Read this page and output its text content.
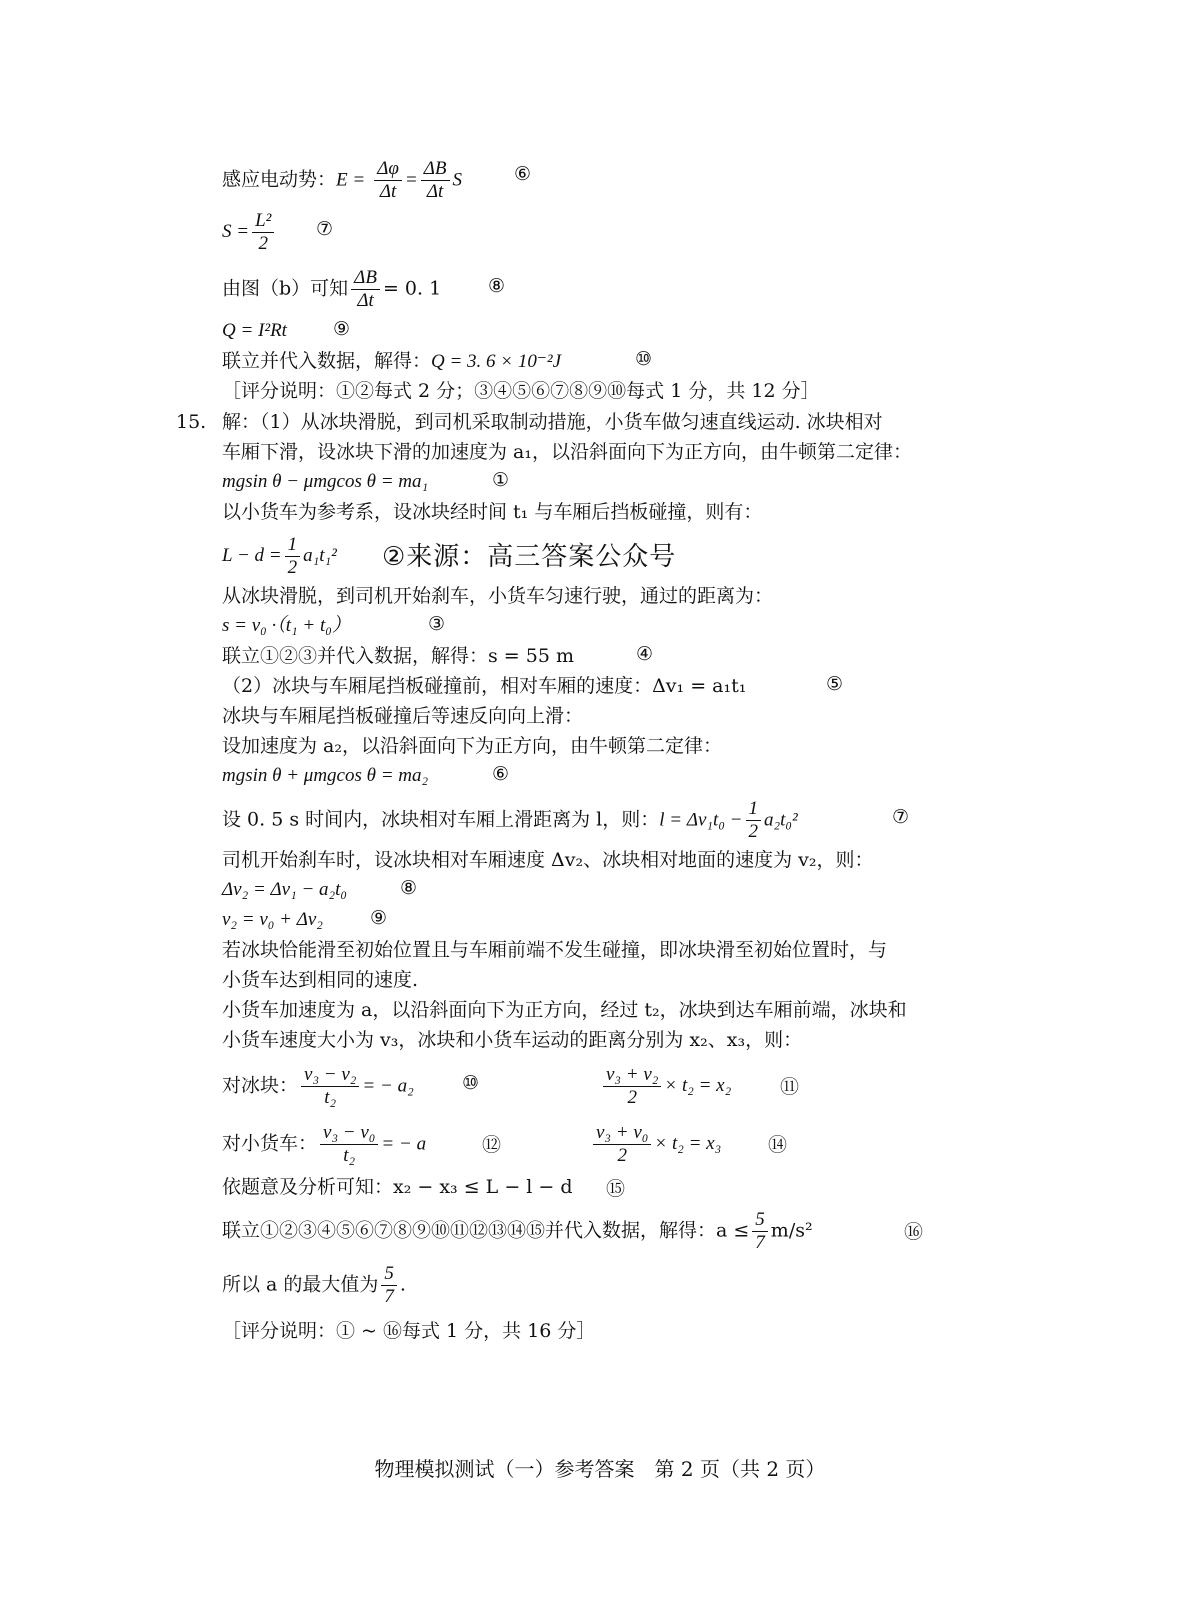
感应电动势：$E = \frac{\Delta\varphi}{\Delta t} = \frac{\Delta B}{\Delta t}$ S	⑥
$S = \frac{\text{L²}}{2}$ ⑦
由图（b）可知 $\frac{\Delta B}{\Delta t} = 0$. 1 ⑧
Q = I²Rt ⑨
联立并代入数据，解得：Q = 3. 6 × 10⁻²J	⑩
［评分说明：①②每式 2 分；③④⑤⑥⑦⑧⑨⑩每式 1 分，共 12 分］
15. 解：（1）从冰块滑脱，到司机采取制动措施，小货车做匀速直线运动. 冰块相对
车厢下滑，设冰块下滑的加速度为 a₁，以沿斜面向下为正方向，由牛顿第二定律：
mgsin θ − μmgcos θ = ma₁	①
以小货车为参考系，设冰块经时间 t₁ 与车厢后挡板碰撞，则有：
$L - d = \frac{1}{2} a_1t_1^2$ ②来源：高三答案公众号
从冰块滑脱，到司机开始刹车，小货车匀速行驶，通过的距离为：
s = v₀ ·（t₁ + t₀）	③
联立①②③并代入数据，解得：s = 55 m	④
（2）冰块与车厢尾挡板碰撞前，相对车厢的速度：Δv₁ = a₁t₁	⑤
冰块与车厢尾挡板碰撞后等速反向向上滑：
设加速度为 a₂，以沿斜面向下为正方向，由牛顿第二定律：
mgsin θ + μmgcos θ = ma₂	⑥
设 0. 5 s 时间内，冰块相对车厢上滑距离为 l，则：$l = \Delta v_1t_0 - \frac{1}{2} a_2t_0^2$	⑦
司机开始刹车时，设冰块相对车厢速度 Δv₂、冰块相对地面的速度为 v₂，则：
Δv₂ = Δv₁ − a₂t₀	⑧
v₂ = v₀ + Δv₂ ⑨
若冰块恰能滑至初始位置且与车厢前端不发生碰撞，即冰块滑至初始位置时，与
小货车达到相同的速度.
小货车加速度为 a，以沿斜面向下为正方向，经过 t₂，冰块到达车厢前端，冰块和
小货车速度大小为 v₃，冰块和小货车运动的距离分别为 x₂、x₃，则：
对冰块： $\frac{\text{v₃ − v₂}}{\text{t₂}}$ = − a₂	⑩	$\frac{\text{v₃ + v₂}}{2} \times t_2 = x_2$	⑪
对小货车： $\frac{\text{v₃ − v₀}}{\text{t₂}}$ = − a	⑫	$\frac{\text{v₃ + v₀}}{2} \times t_2 = x_3$ ⑭
依题意及分析可知：x₂ − x₃ ≤ L − l − d ⑮
联立①②③④⑤⑥⑦⑧⑨⑩⑪⑫⑬⑭⑮并代入数据，解得：$a \le \frac{5}{7} m/s^2$	⑯
所以 a 的最大值为 $\frac{5}{7}$ .
［评分说明：① ~ ⑯每式 1 分，共 16 分］
物理模拟测试（一）参考答案　第 2 页（共 2 页）
